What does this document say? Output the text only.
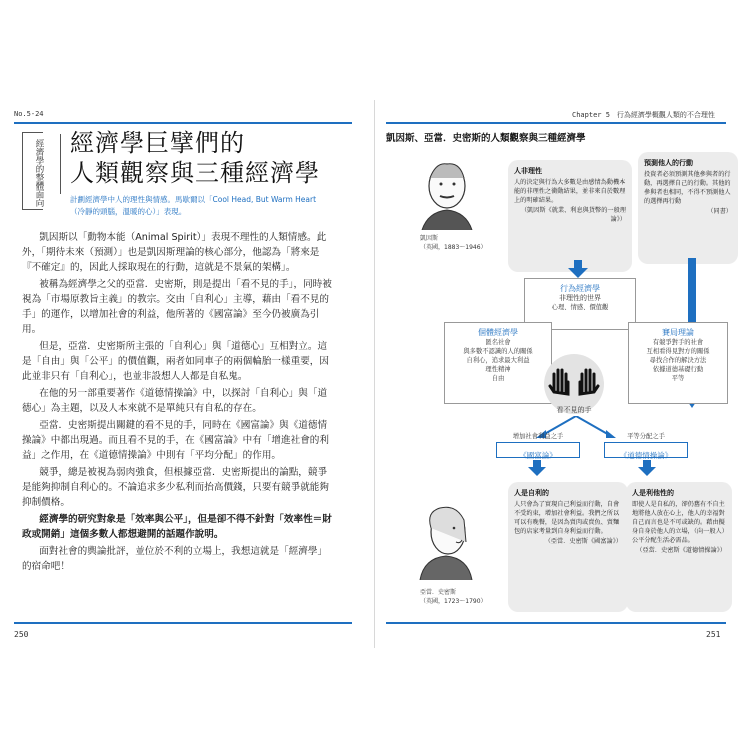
No.5-24
經濟學的整體面向 經濟學巨擘們的
人類觀察與三種經濟學
計劃經濟學中人的理性與情感。馬歇爾以「Cool Head, But Warm Heart（冷靜的頭腦，溫暖的心）」表現。

凱因斯以「動物本能（Animal Spirit）」表現不理性的人類情感。此外，「期待未來（預測）」也是凱因斯理論的核心部分，他認為「將來是『不確定』的，因此人採取現在的行動，這就是不景氣的架構」。

被稱為經濟學之父的亞當．史密斯，則是提出「看不見的手」，同時被視為「市場原教旨主義」的教宗。交由「自利心」主導，藉由「看不見的手」的運作，以增加社會的利益，他所著的《國富論》至今仍被廣為引用。

但是，亞當．史密斯所主張的「自利心」與「道德心」互相對立。這是「自由」與「公平」的價值觀，兩者如同車子的兩個輪胎一樣重要，因此並非只有「自利心」，也並非設想人人都是自私鬼。

在他的另一部重要著作《道德情操論》中，以探討「自利心」與「道德心」為主題，以及人本來就不是單純只有自私的存在。

亞當．史密斯提出關鍵的看不見的手，同時在《國富論》與《道德情操論》中都出現過。而且看不見的手，在《國富論》中有「增進社會的利益」之作用，在《道德情操論》中則有「平均分配」的作用。

競爭，總是被視為弱肉強食，但根據亞當．史密斯提出的論點，競爭是能夠抑制自利心的。不論追求多少私利而抬高價錢，只要有競爭就能夠抑制價格。

經濟學的研究對象是「效率與公平」，但是卻不得不針對「效率性＝財政或開銷」這個多數人都想避開的話題作說明。

面對社會的輿論批評，並位於不利的立場上，我想這就是「經濟學」的宿命吧！

250
Chapter 5　行為經濟學概觀人類的不合理性
凱因斯、亞當．史密斯的人類觀察與三種經濟學
凱因斯
（英國，1883～1946）
人非理性
人的決定與行為大多數是由感情為動機本能的非理性之衝動結果，並非來自於數理上的明確結果。
（凱因斯《就業、利息與貨幣的一般理論》）
預測他人的行動
投資者必須預測其他參與者的行動，再選擇自己的行動。其他的參與者也相同，不得不預測他人的選擇再行動
（同書）
行為經濟學
非理性的世界
心理、情感、價值觀
個體經濟學
匿名社會
與多數不認識的人的關係
自利心，追求最大利益
理性精神
自由
賽局理論
有競爭對手的社會
互相看得見對方的關係
尋找合作的解決方法
依據道德基礎行動
平等
看不見的手
增加社會利益之手
《國富論》
平等分配之手
《道德情操論》
亞當．史密斯
（英國，1723～1790）
人是自利的
人只會為了實現自己利益而行動，自會不受約束，增加社會利益。我們之所以可以有晚餐，是因為賣肉或賣魚、賣麵包的店家考量到自身利益而行動。
（亞當．史密斯《國富論》）
人是利他性的
即使人是自私的，卻仍舊有不自主地將他人放在心上，他人的幸福對自己而言也是不可或缺的。藉由擬身自身於他人的立場，（向一般人）公平分配生活必需品。
（亞當．史密斯《道德情操論》）
251
